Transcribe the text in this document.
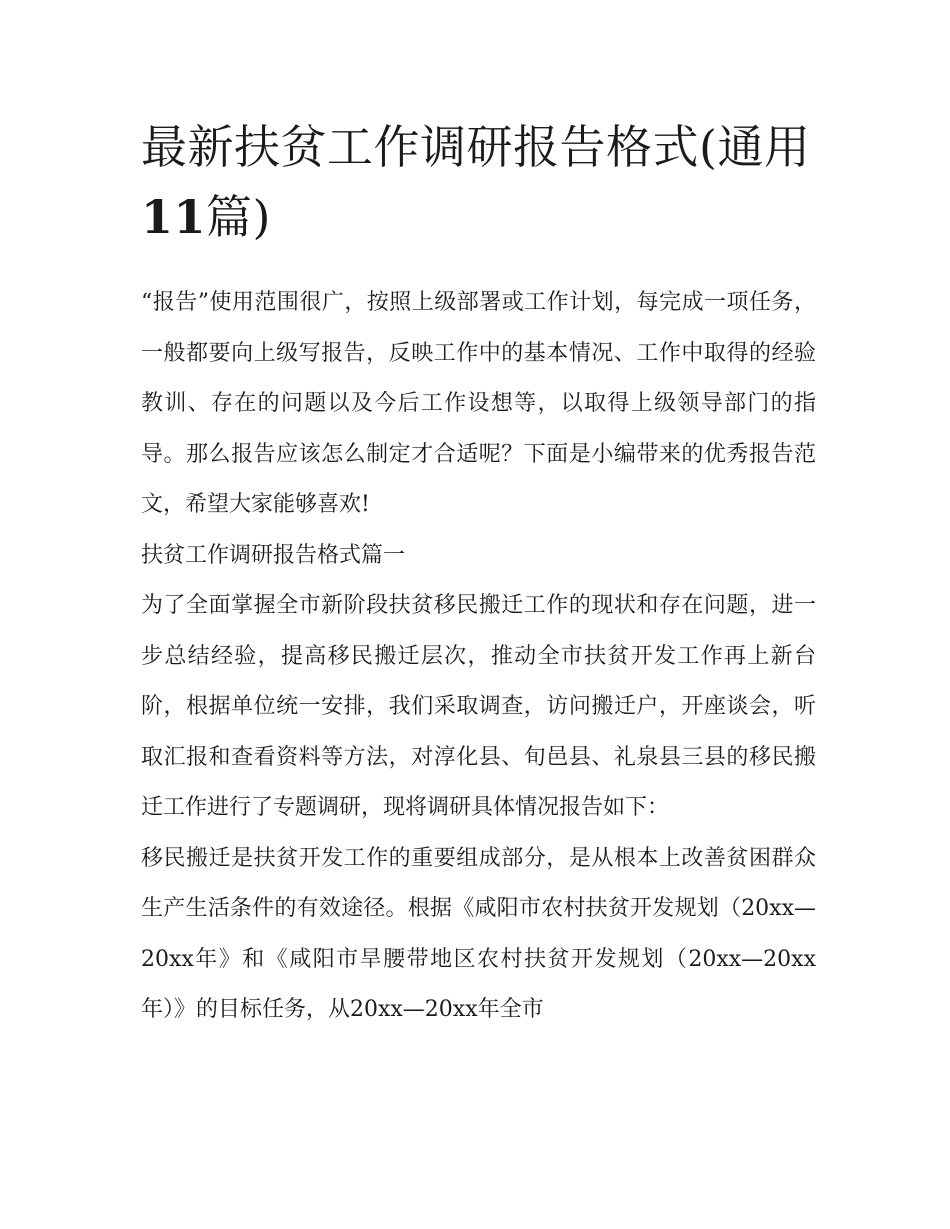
最新扶贫工作调研报告格式(通用11篇)

“报告”使用范围很广，按照上级部署或工作计划，每完成一项任务，一般都要向上级写报告，反映工作中的基本情况、工作中取得的经验教训、存在的问题以及今后工作设想等，以取得上级领导部门的指导。那么报告应该怎么制定才合适呢？下面是小编带来的优秀报告范文，希望大家能够喜欢!

扶贫工作调研报告格式篇一

为了全面掌握全市新阶段扶贫移民搬迁工作的现状和存在问题，进一步总结经验，提高移民搬迁层次，推动全市扶贫开发工作再上新台阶，根据单位统一安排，我们采取调查，访问搬迁户，开座谈会，听取汇报和查看资料等方法，对淳化县、旬邑县、礼泉县三县的移民搬迁工作进行了专题调研，现将调研具体情况报告如下：

移民搬迁是扶贫开发工作的重要组成部分，是从根本上改善贫困群众生产生活条件的有效途径。根据《咸阳市农村扶贫开发规划（20xx—20xx年》和《咸阳市旱腰带地区农村扶贫开发规划（20xx—20xx年）》的目标任务，从20xx—20xx年全市
